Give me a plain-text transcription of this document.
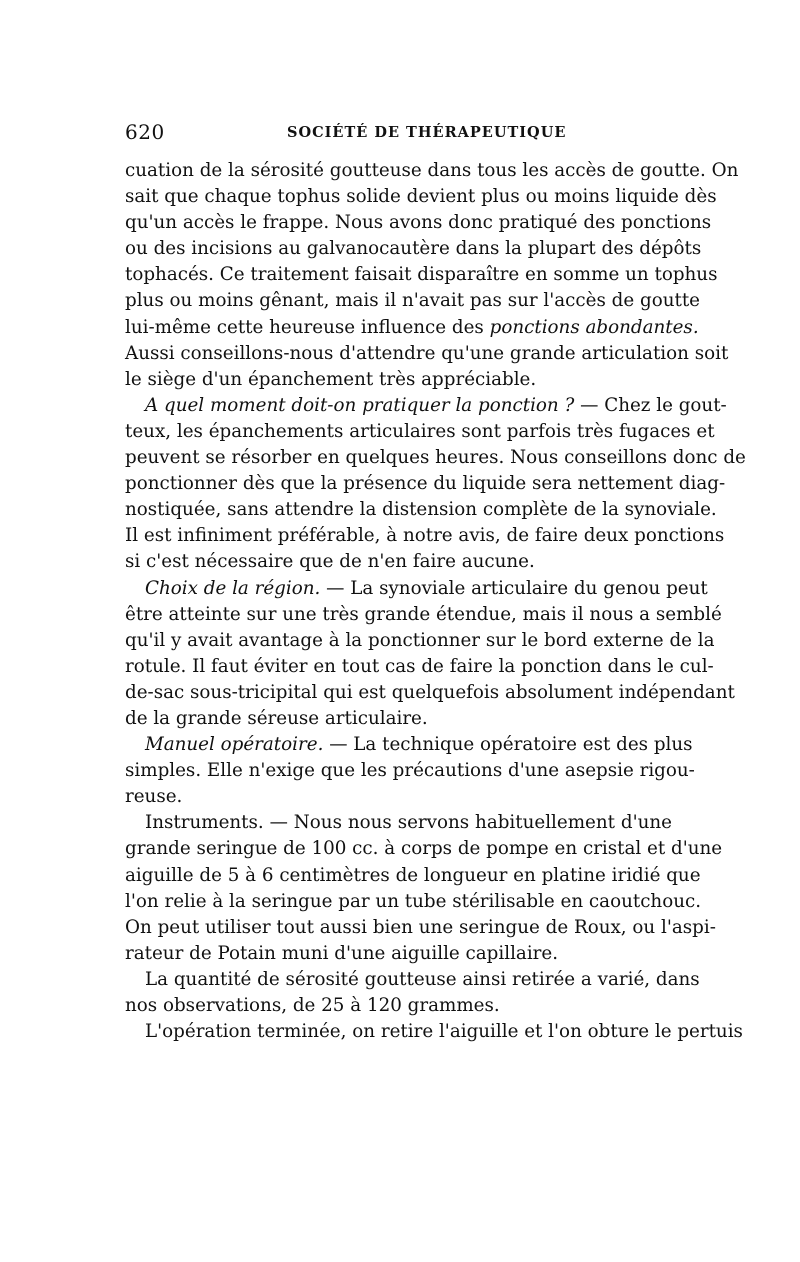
620	SOCIÉTÉ DE THÉRAPEUTIQUE
cuation de la sérosité goutteuse dans tous les accès de goutte. On
sait que chaque tophus solide devient plus ou moins liquide dès
qu'un accès le frappe. Nous avons donc pratiqué des ponctions
ou des incisions au galvanocautère dans la plupart des dépôts
tophacés. Ce traitement faisait disparaître en somme un tophus
plus ou moins gênant, mais il n'avait pas sur l'accès de goutte
lui-même cette heureuse influence des ponctions abondantes.
Aussi conseillons-nous d'attendre qu'une grande articulation soit
le siège d'un épanchement très appréciable.
A quel moment doit-on pratiquer la ponction ? — Chez le gout-
teux, les épanchements articulaires sont parfois très fugaces et
peuvent se résorber en quelques heures. Nous conseillons donc de
ponctionner dès que la présence du liquide sera nettement diag-
nostiquée, sans attendre la distension complète de la synoviale.
Il est infiniment préférable, à notre avis, de faire deux ponctions
si c'est nécessaire que de n'en faire aucune.
Choix de la région. — La synoviale articulaire du genou peut
être atteinte sur une très grande étendue, mais il nous a semblé
qu'il y avait avantage à la ponctionner sur le bord externe de la
rotule. Il faut éviter en tout cas de faire la ponction dans le cul-
de-sac sous-tricipital qui est quelquefois absolument indépendant
de la grande séreuse articulaire.
Manuel opératoire. — La technique opératoire est des plus
simples. Elle n'exige que les précautions d'une asepsie rigou-
reuse.
Instruments. — Nous nous servons habituellement d'une
grande seringue de 100 cc. à corps de pompe en cristal et d'une
aiguille de 5 à 6 centimètres de longueur en platine iridié que
l'on relie à la seringue par un tube stérilisable en caoutchouc.
On peut utiliser tout aussi bien une seringue de Roux, ou l'aspi-
rateur de Potain muni d'une aiguille capillaire.
La quantité de sérosité goutteuse ainsi retirée a varié, dans
nos observations, de 25 à 120 grammes.
L'opération terminée, on retire l'aiguille et l'on obture le pertuis
